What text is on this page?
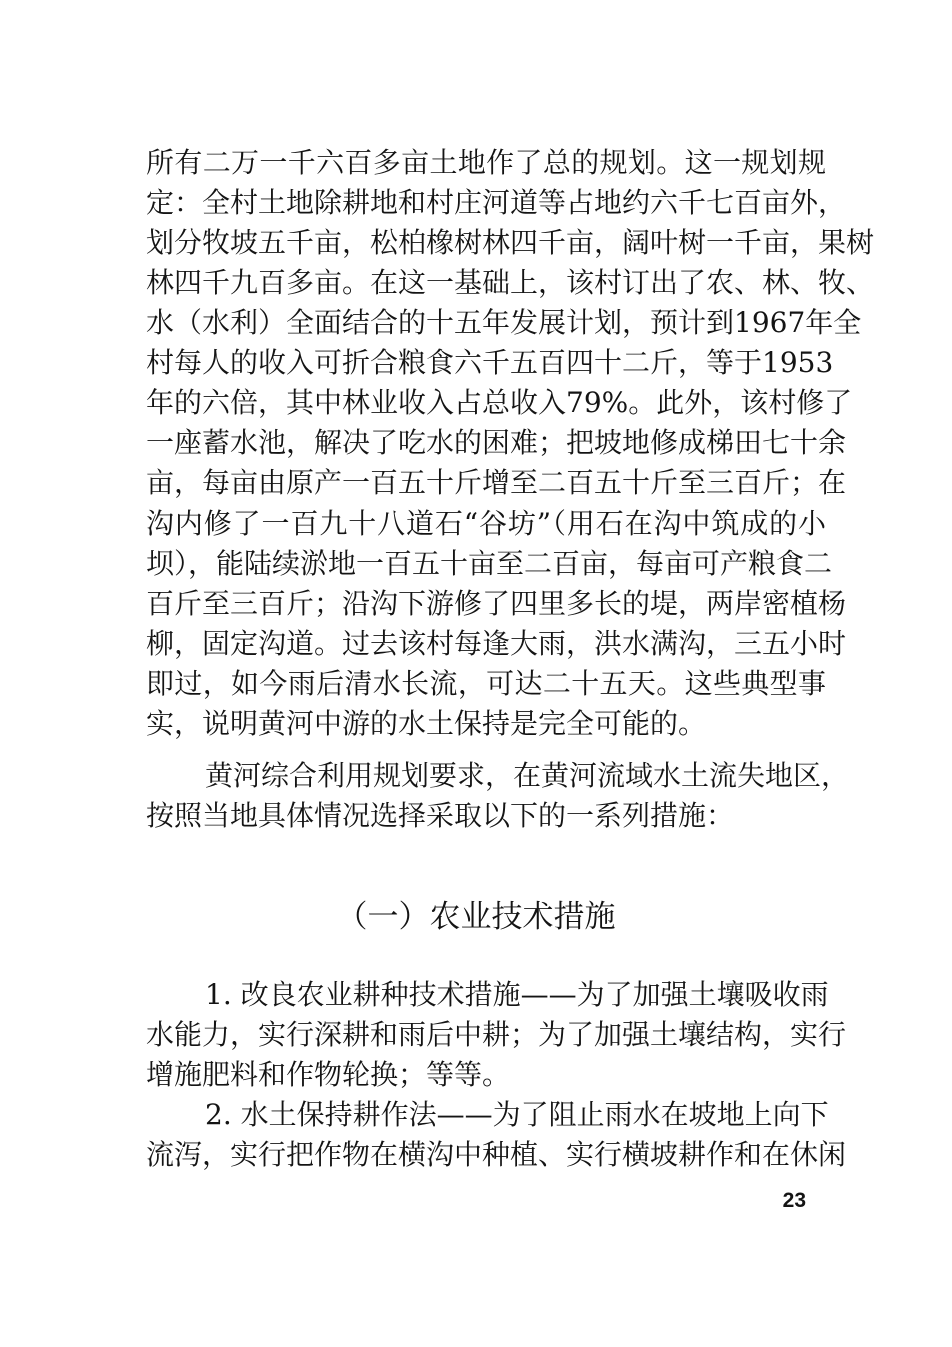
所有二万一千六百多亩土地作了总的规划。这一规划规
定：全村土地除耕地和村庄河道等占地约六千七百亩外，
划分牧坡五千亩，松柏橡树林四千亩，阔叶树一千亩，果树
林四千九百多亩。在这一基础上，该村订出了农、林、牧、
水（水利）全面结合的十五年发展计划，预计到1967年全
村每人的收入可折合粮食六千五百四十二斤，等于1953
年的六倍，其中林业收入占总收入79%。此外，该村修了
一座蓄水池，解决了吃水的困难；把坡地修成梯田七十余
亩，每亩由原产一百五十斤增至二百五十斤至三百斤；在
沟内修了一百九十八道石“谷坊”（用石在沟中筑成的小
坝），能陆续淤地一百五十亩至二百亩，每亩可产粮食二
百斤至三百斤；沿沟下游修了四里多长的堤，两岸密植杨
柳，固定沟道。过去该村每逢大雨，洪水满沟，三五小时
即过，如今雨后清水长流，可达二十五天。这些典型事
实，说明黄河中游的水土保持是完全可能的。
黄河综合利用规划要求，在黄河流域水土流失地区，
按照当地具体情况选择采取以下的一系列措施：
（一）农业技术措施
1. 改良农业耕种技术措施——为了加强土壤吸收雨
水能力，实行深耕和雨后中耕；为了加强土壤结构，实行
增施肥料和作物轮换；等等。
2. 水土保持耕作法——为了阻止雨水在坡地上向下
流泻，实行把作物在横沟中种植、实行横坡耕作和在休闲
23
